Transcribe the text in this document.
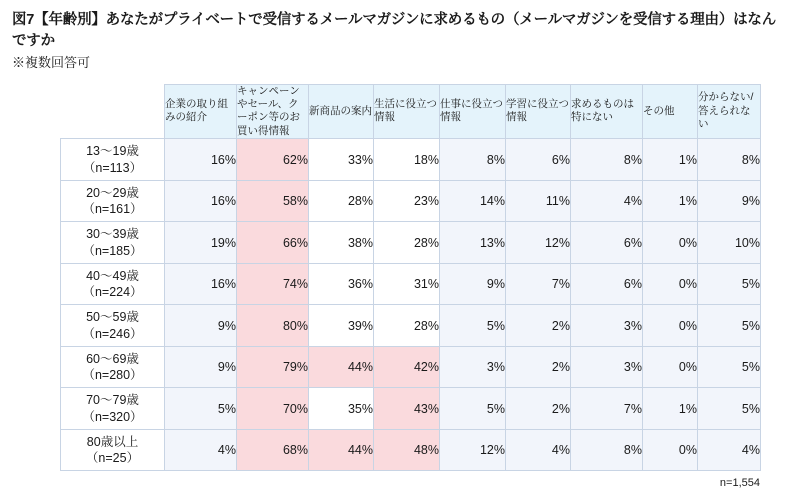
図7【年齢別】あなたがプライベートで受信するメールマガジンに求めるもの（メールマガジンを受信する理由）はなんですか
※複数回答可
	企業の取り組みの紹介	キャンペーンやセール、クーポン等のお買い得情報	新商品の案内	生活に役立つ情報	仕事に役立つ情報	学習に役立つ情報	求めるものは特にない	その他	分からない/答えられない

13～19歳
（n=113）	16%	62%	33%	18%	8%	6%	8%	1%	8%

20～29歳
（n=161）	16%	58%	28%	23%	14%	11%	4%	1%	9%

30～39歳
（n=185）	19%	66%	38%	28%	13%	12%	6%	0%	10%

40～49歳
（n=224）	16%	74%	36%	31%	9%	7%	6%	0%	5%

50～59歳
（n=246）	9%	80%	39%	28%	5%	2%	3%	0%	5%

60～69歳
（n=280）	9%	79%	44%	42%	3%	2%	3%	0%	5%

70～79歳
（n=320）	5%	70%	35%	43%	5%	2%	7%	1%	5%

80歳以上
（n=25）	4%	68%	44%	48%	12%	4%	8%	0%	4%
n=1,554
